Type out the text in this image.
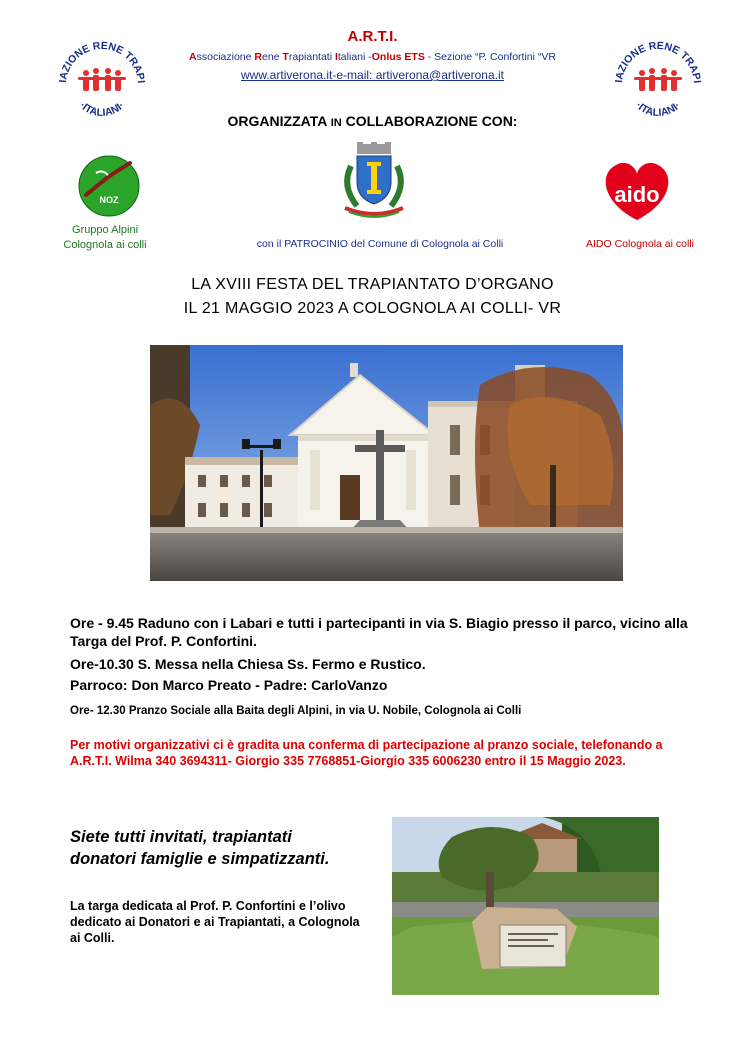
IAZIONE RENE TRAPI
·ITALIANI·
IAZIONE RENE TRAPI
·ITALIANI·
A.R.T.I.
Associazione Rene Trapiantati Italiani -Onlus ETS - Sezione “P. Confortini “VR
www.artiverona.it-e-mail: artiverona@artiverona.it
ORGANIZZATA IN COLLABORAZIONE CON:
NOZ
Gruppo Alpini
Colognola ai colli	con il PATROCINIO del Comune di Colognola ai Colli
aido
AIDO Colognola ai colli
LA XVIII FESTA DEL TRAPIANTATO D’ORGANO
IL 21 MAGGIO 2023 A COLOGNOLA AI COLLI- VR
Ore - 9.45 Raduno con i Labari e tutti i partecipanti in via S. Biagio presso il parco, vicino alla Targa del Prof. P. Confortini.
Ore-10.30 S. Messa nella Chiesa Ss. Fermo e Rustico.
Parroco: Don Marco Preato - Padre: CarloVanzo
Ore- 12.30 Pranzo Sociale alla Baita degli Alpini, in via U. Nobile, Colognola ai Colli
Per motivi organizzativi ci è gradita una conferma di partecipazione al pranzo sociale, telefonando a A.R.T.I. Wilma 340 3694311- Giorgio 335 7768851-Giorgio 335 6006230 entro il 15 Maggio 2023.
Siete tutti invitati, trapiantati
donatori famiglie e simpatizzanti.
La targa dedicata al Prof. P. Confortini e l’olivo dedicato ai Donatori e ai Trapiantati, a Colognola ai Colli.
